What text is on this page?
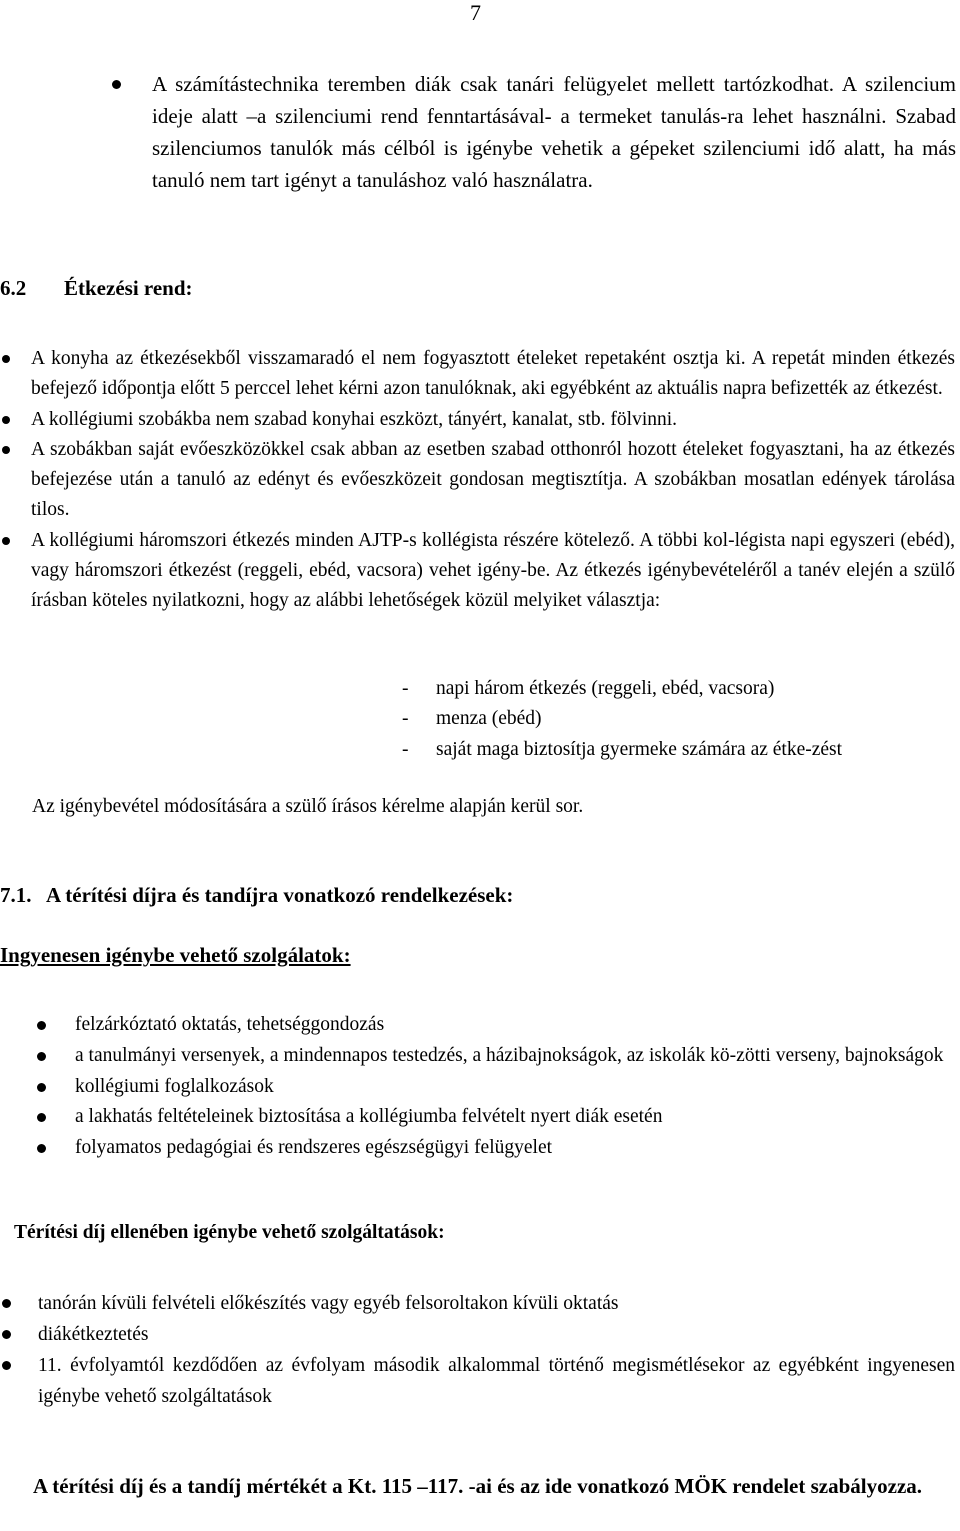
7
A számítástechnika teremben diák csak tanári felügyelet mellett tartózkodhat. A szilencium ideje alatt –a szilenciumi rend fenntartásával- a termeket tanulás-ra lehet használni. Szabad szilenciumos tanulók más célból is igénybe vehetik a gépeket szilenciumi idő alatt, ha más tanuló nem tart igényt a tanuláshoz való használatra.
6.2 Étkezési rend:
A konyha az étkezésekből visszamaradó el nem fogyasztott ételeket repetaként osztja ki. A repetát minden étkezés befejező időpontja előtt 5 perccel lehet kérni azon tanulóknak, aki egyébként az aktuális napra befizették az étkezést.
A kollégiumi szobákba nem szabad konyhai eszközt, tányért, kanalat, stb. fölvinni.
A szobákban saját evőeszközökkel csak abban az esetben szabad otthonról hozott ételeket fogyasztani, ha az étkezés befejezése után a tanuló az edényt és evőeszközeit gondosan megtisztítja. A szobákban mosatlan edények tárolása tilos.
A kollégiumi háromszori étkezés minden AJTP-s kollégista részére kötelező. A többi kol-légista napi egyszeri (ebéd), vagy háromszori étkezést (reggeli, ebéd, vacsora) vehet igény-be. Az étkezés igénybevételéről a tanév elején a szülő írásban köteles nyilatkozni, hogy az alábbi lehetőségek közül melyiket választja:
- napi három étkezés (reggeli, ebéd, vacsora)
- menza (ebéd)
- saját maga biztosítja gyermeke számára az étke-zést
Az igénybevétel módosítására a szülő írásos kérelme alapján kerül sor.
7.1. A térítési díjra és tandíjra vonatkozó rendelkezések:
Ingyenesen igénybe vehető szolgálatok:
felzárkóztató oktatás, tehetséggondozás
a tanulmányi versenyek, a mindennapos testedzés, a házibajnokságok, az iskolák kö-zötti verseny, bajnokságok
kollégiumi foglalkozások
a lakhatás feltételeinek biztosítása a kollégiumba felvételt nyert diák esetén
folyamatos pedagógiai és rendszeres egészségügyi felügyelet
Térítési díj ellenében igénybe vehető szolgáltatások:
tanórán kívüli felvételi előkészítés vagy egyéb felsoroltakon kívüli oktatás
diákétkeztetés
11. évfolyamtól kezdődően az évfolyam második alkalommal történő megismétlésekor az egyébként ingyenesen igénybe vehető szolgáltatások
A térítési díj és a tandíj mértékét a Kt. 115 –117. -ai és az ide vonatkozó MÖK rendelet szabályozza.
